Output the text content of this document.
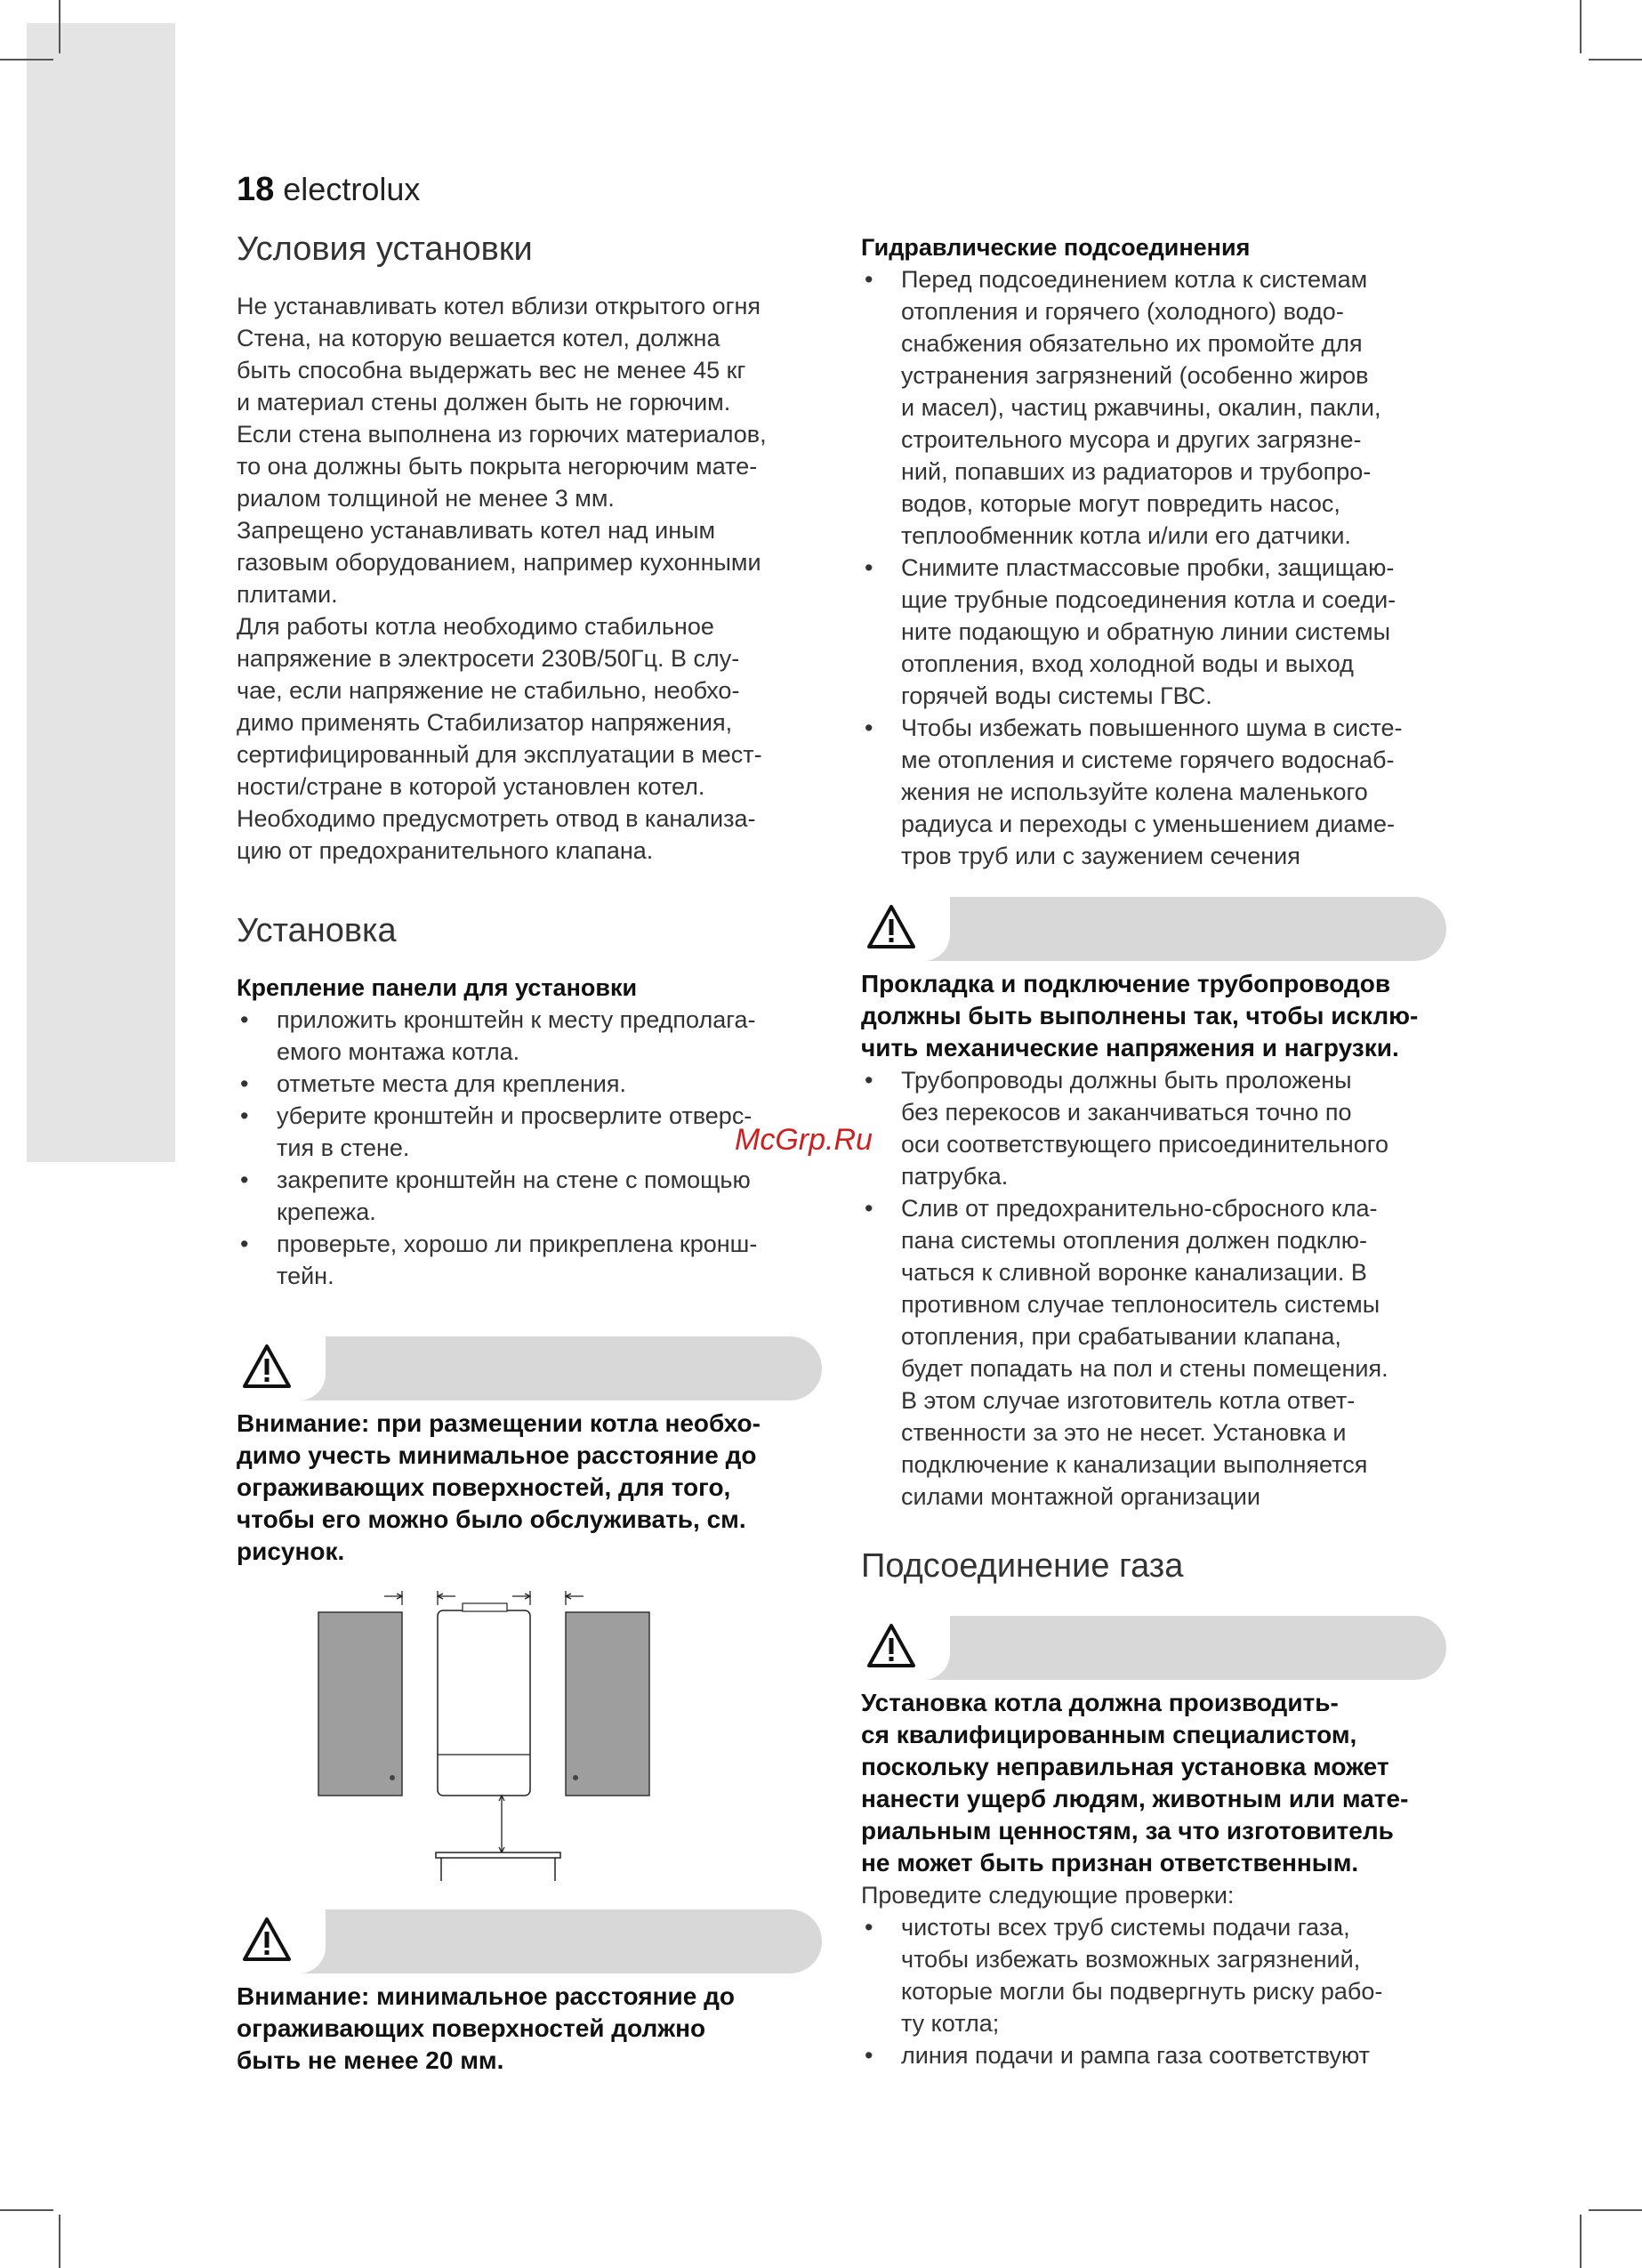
18 electrolux
Условия установки
Не устанавливать котел вблизи открытого огня
Стена, на которую вешается котел, должна
быть способна выдержать вес не менее 45 кг
и материал стены должен быть не горючим.
Если стена выполнена из горючих материалов,
то она должны быть покрыта негорючим мате-
риалом толщиной не менее 3 мм.
Запрещено устанавливать котел над иным
газовым оборудованием, например кухонными
плитами.
Для работы котла необходимо стабильное
напряжение в электросети 230В/50Гц. В слу-
чае, если напряжение не стабильно, необхо-
димо применять Стабилизатор напряжения,
сертифицированный для эксплуатации в мест-
ности/стране в которой установлен котел.
Необходимо предусмотреть отвод в канализа-
цию от предохранительного клапана.
Установка
Крепление панели для установки
• приложить кронштейн к месту предполага-
емого монтажа котла.
• отметьте места для крепления.
• уберите кронштейн и просверлите отверс-
тия в стене.
• закрепите кронштейн на стене с помощью
крепежа.
• проверьте, хорошо ли прикреплена кронш-
тейн.
Внимание: при размещении котла необхо-
димо учесть минимальное расстояние до
ограживающих поверхностей, для того,
чтобы его можно было обслуживать, см.
рисунок.
Внимание: минимальное расстояние до
ограживающих поверхностей должно
быть не менее 20 мм.
Гидравлические подсоединения
• Перед подсоединением котла к системам
отопления и горячего (холодного) водо-
снабжения обязательно их промойте для
устранения загрязнений (особенно жиров
и масел), частиц ржавчины, окалин, пакли,
строительного мусора и других загрязне-
ний, попавших из радиаторов и трубопро-
водов, которые могут повредить насос,
теплообменник котла и/или его датчики.
• Снимите пластмассовые пробки, защищаю-
щие трубные подсоединения котла и соеди-
ните подающую и обратную линии системы
отопления, вход холодной воды и выход
горячей воды системы ГВС.
• Чтобы избежать повышенного шума в систе-
ме отопления и системе горячего водоснаб-
жения не используйте колена маленького
радиуса и переходы с уменьшением диаме-
тров труб или с заужением сечения
Прокладка и подключение трубопроводов
должны быть выполнены так, чтобы исклю-
чить механические напряжения и нагрузки.
• Трубопроводы должны быть проложены
без перекосов и заканчиваться точно по
оси соответствующего присоединительного
патрубка.
• Слив от предохранительно-сбросного кла-
пана системы отопления должен подклю-
чаться к сливной воронке канализации. В
противном случае теплоноситель системы
отопления, при срабатывании клапана,
будет попадать на пол и стены помещения.
В этом случае изготовитель котла ответ-
ственности за это не несет. Установка и
подключение к канализации выполняется
силами монтажной организации
Подсоединение газа
Установка котла должна производить-
ся квалифицированным специалистом,
поскольку неправильная установка может
нанести ущерб людям, животным или мате-
риальным ценностям, за что изготовитель
не может быть признан ответственным.
Проведите следующие проверки:
• чистоты всех труб системы подачи газа,
чтобы избежать возможных загрязнений,
которые могли бы подвергнуть риску рабо-
ту котла;
• линия подачи и рампа газа соответствуют
McGrp.Ru
